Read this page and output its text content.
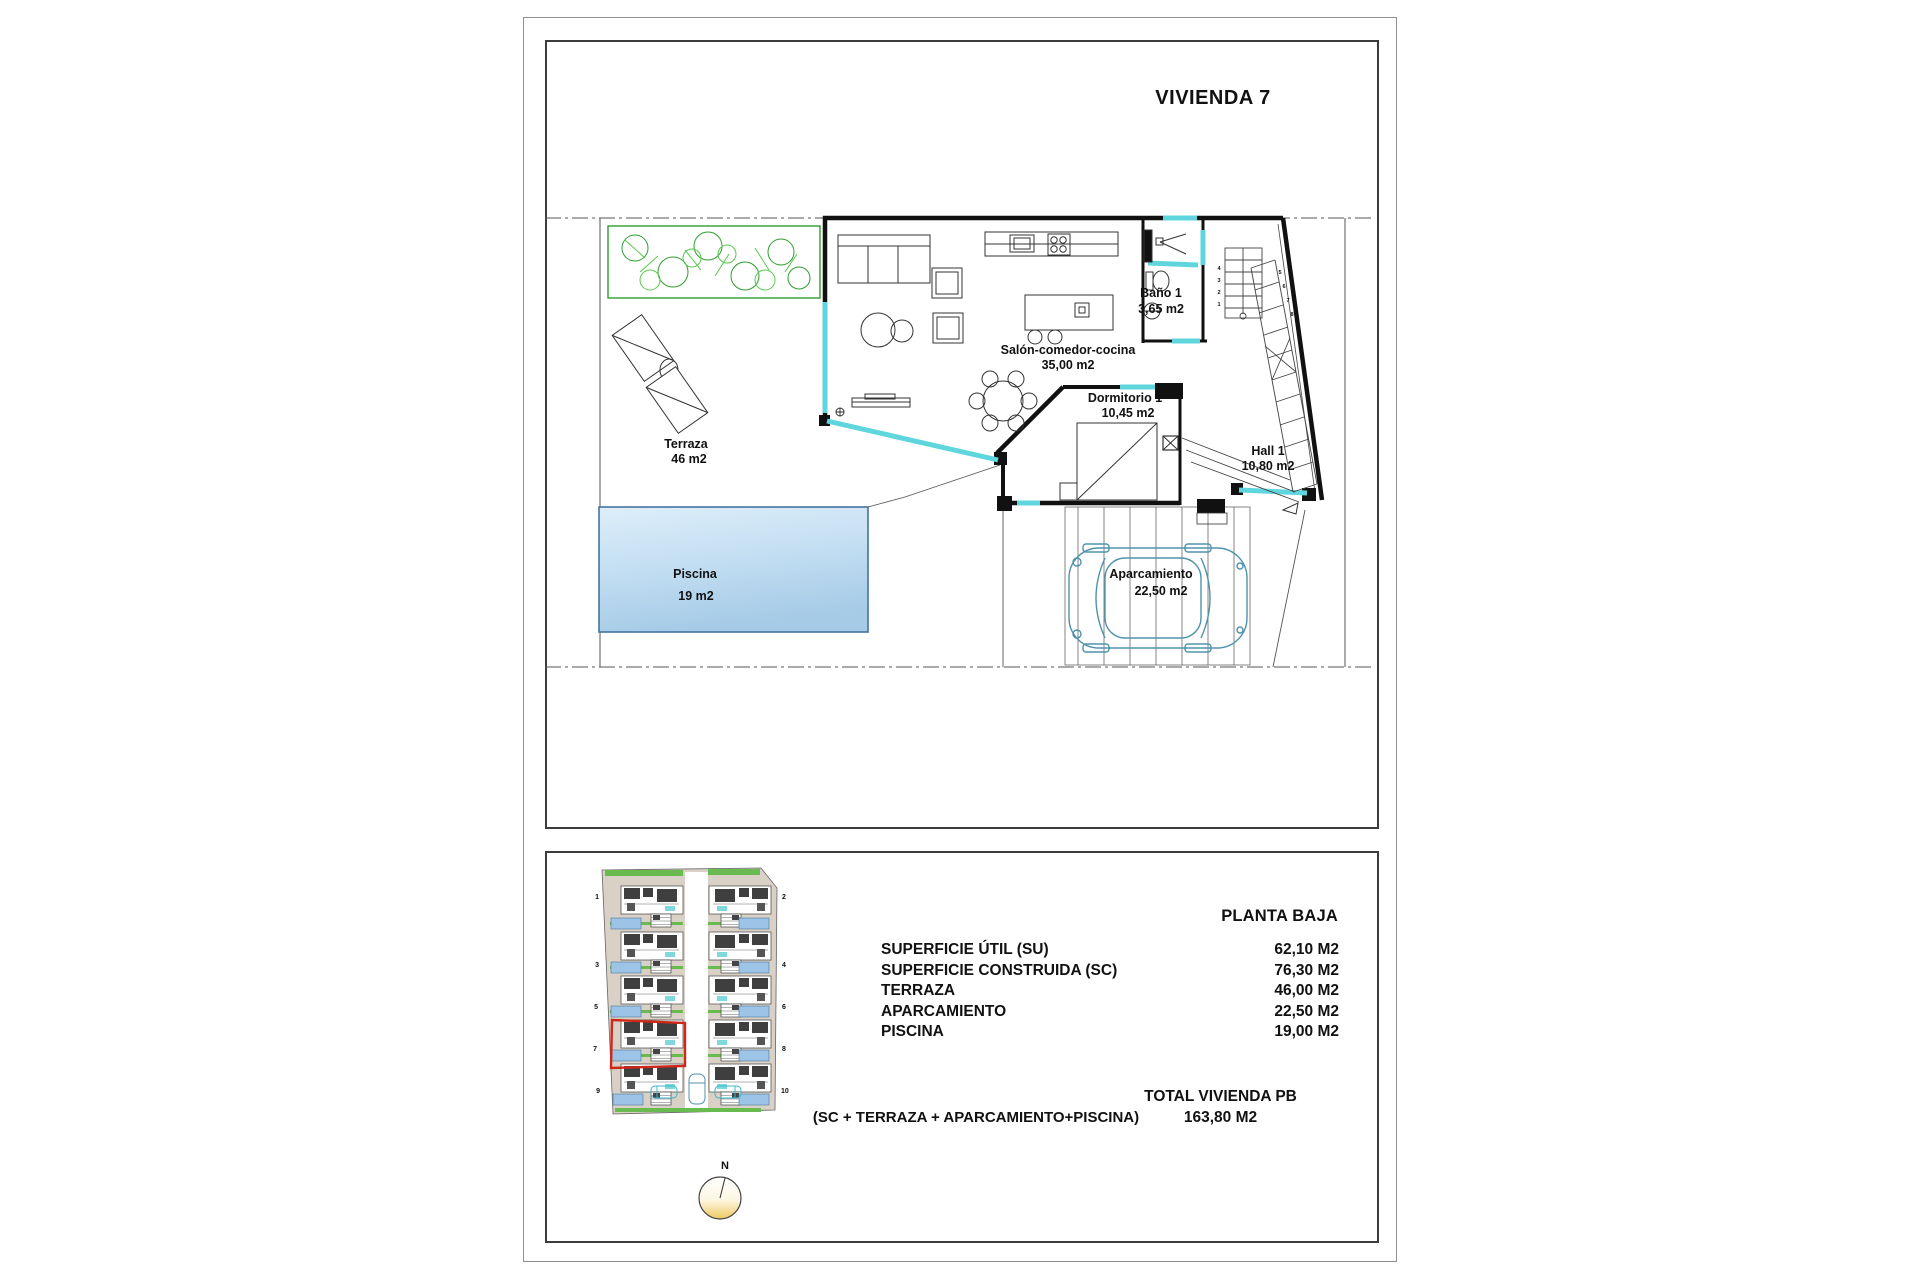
1
2
3
4
5
6
7
8
VIVIENDA 7
Salón-comedor-cocina
35,00 m2
Baño 1
3,65 m2
Dormitorio 1
10,45 m2
Hall 1
10,80 m2
Terraza
46 m2
Piscina
19 m2
Aparcamiento
22,50 m2
1	2
3	4
5	6
7	8
9	10
N
PLANTA BAJA
SUPERFICIE ÚTIL (SU)	62,10 M2
SUPERFICIE CONSTRUIDA (SC)	76,30 M2
TERRAZA	46,00 M2
APARCAMIENTO	22,50 M2
PISCINA	19,00 M2
(SC + TERRAZA + APARCAMIENTO+PISCINA)
TOTAL VIVIENDA PB
163,80 M2
